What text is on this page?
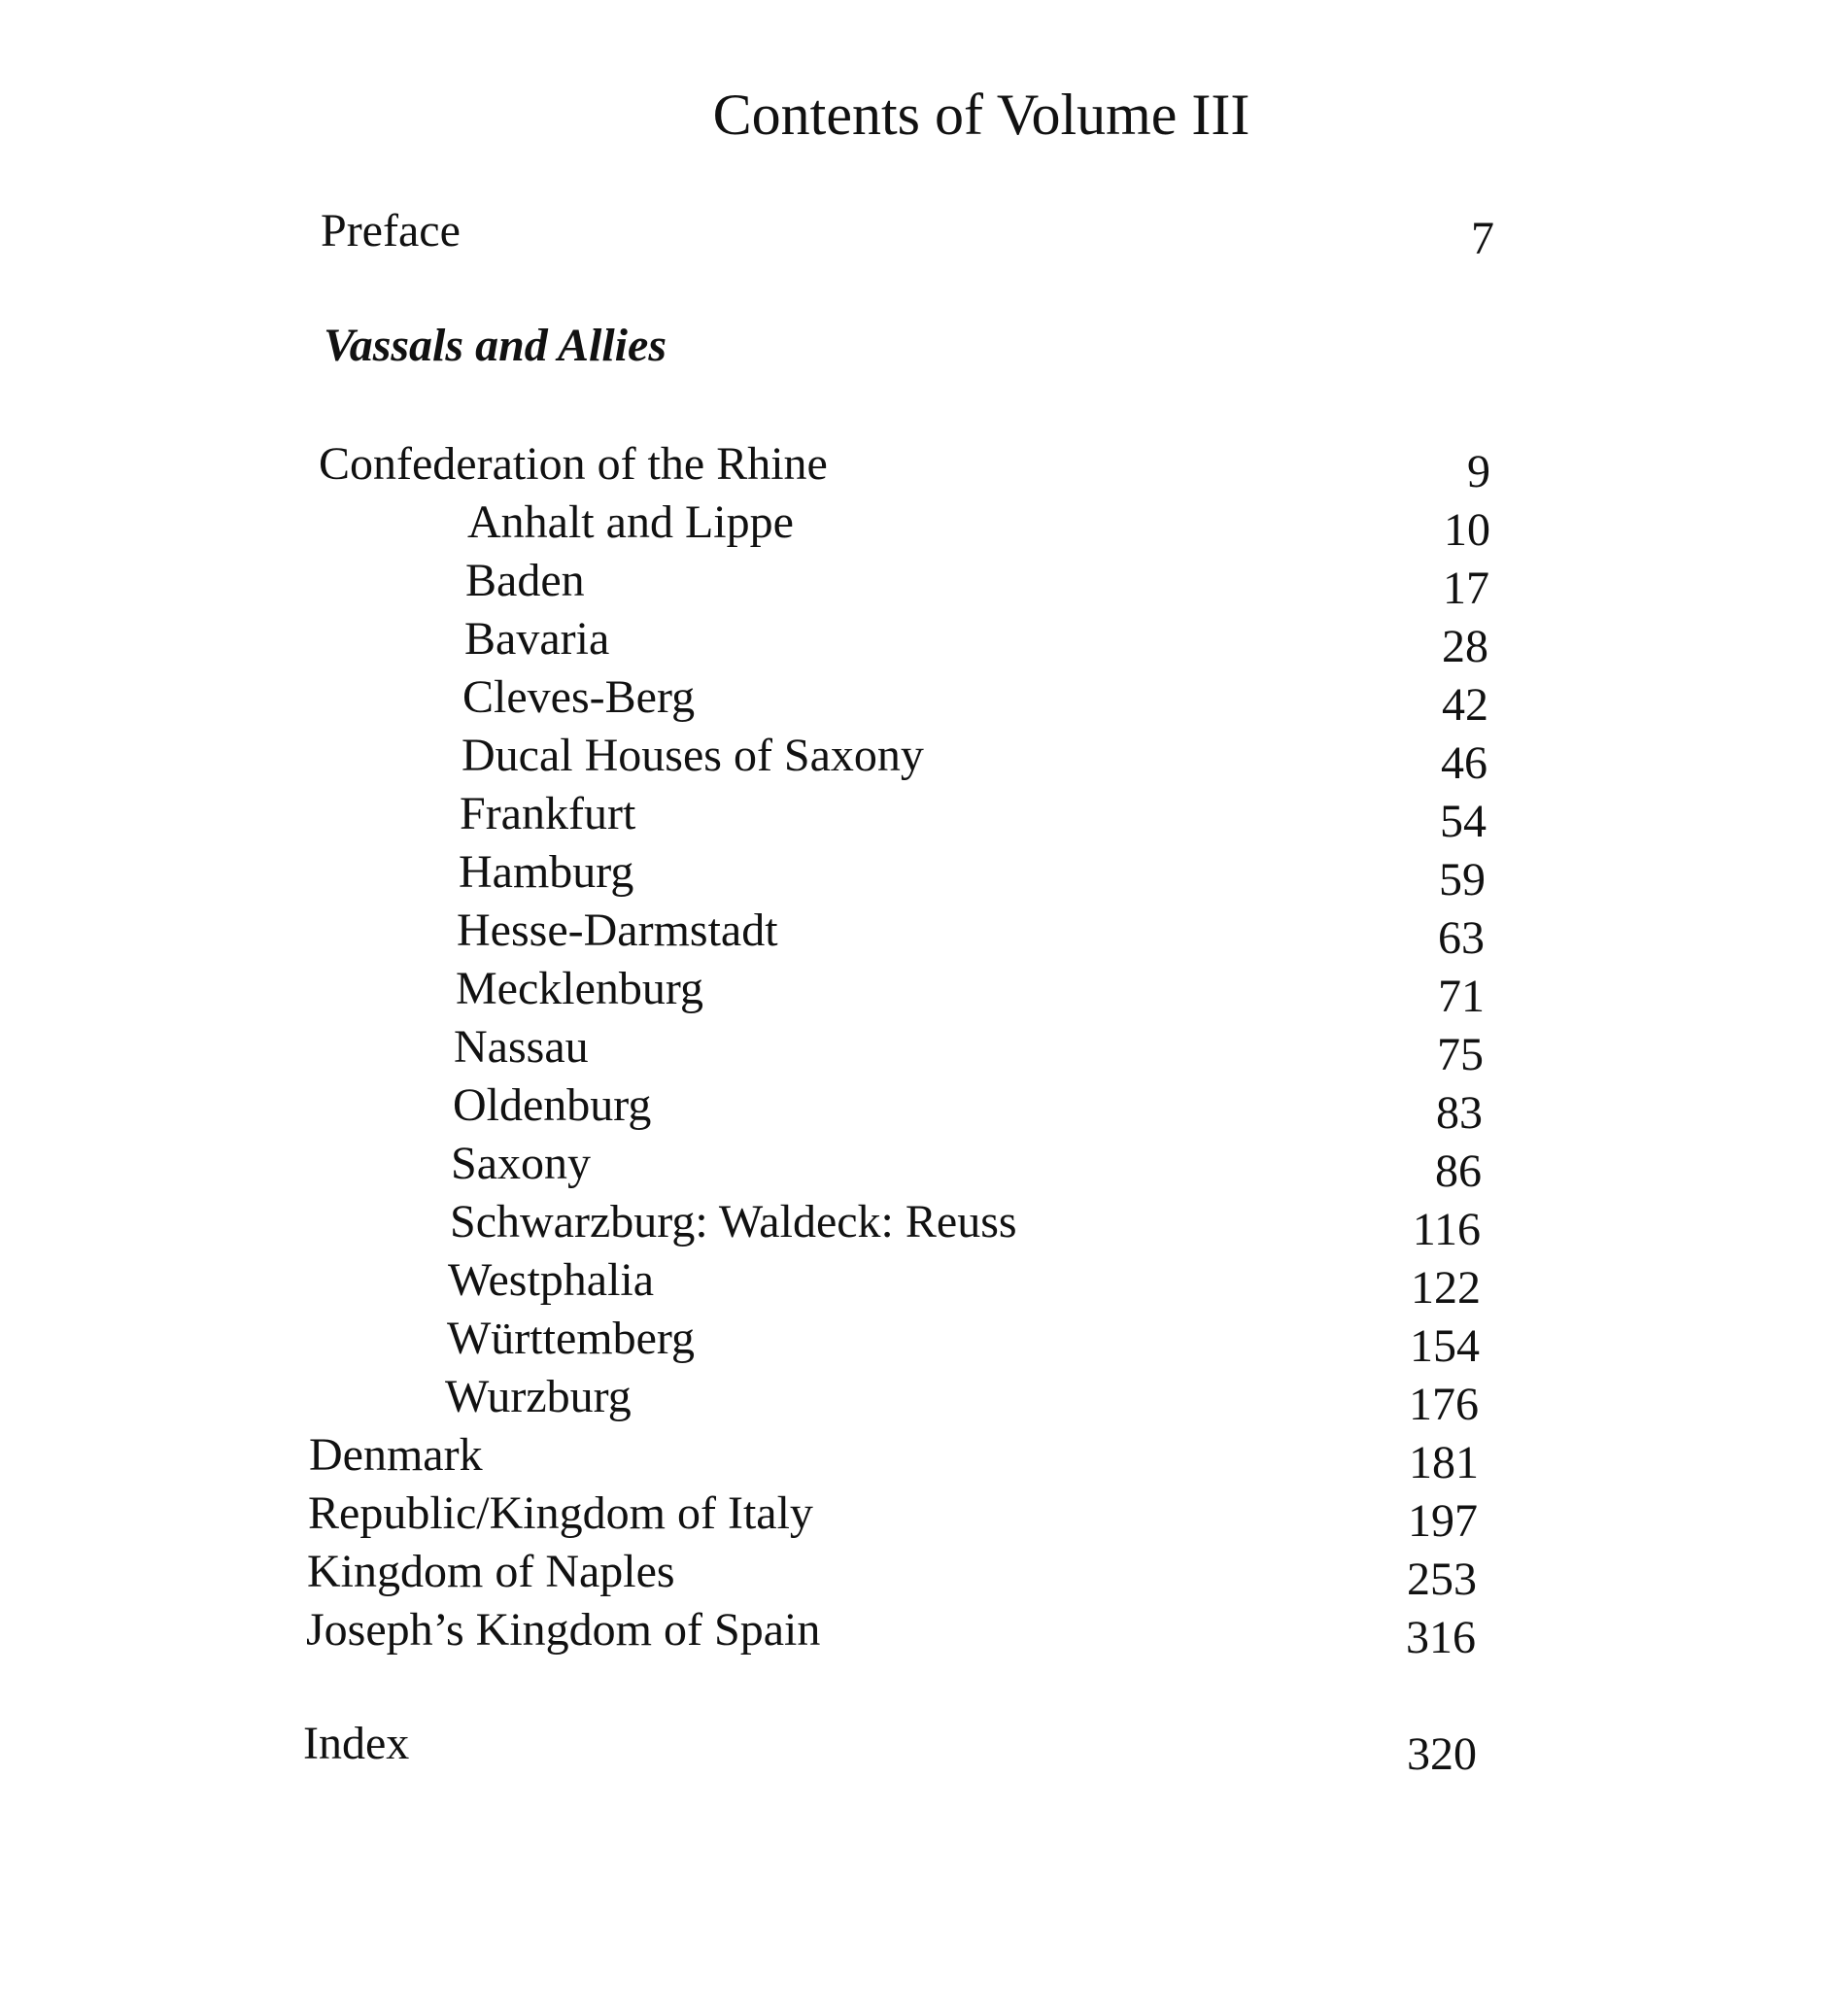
Contents of Volume III
Preface	7
Vassals and Allies
Confederation of the Rhine	9
Anhalt and Lippe	10
Baden	17
Bavaria	28
Cleves-Berg	42
Ducal Houses of Saxony	46
Frankfurt	54
Hamburg	59
Hesse-Darmstadt	63
Mecklenburg	71
Nassau	75
Oldenburg	83
Saxony	86
Schwarzburg: Waldeck: Reuss	116
Westphalia	122
Württemberg	154
Wurzburg	176
Denmark	181
Republic/Kingdom of Italy	197
Kingdom of Naples	253
Joseph’s Kingdom of Spain	316
Index	320
